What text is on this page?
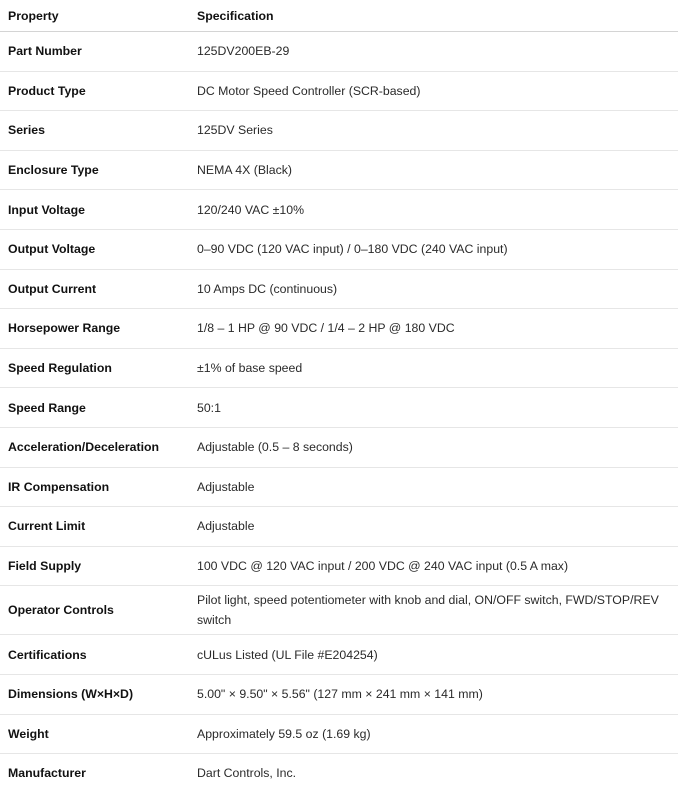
Property	Specification
Part Number	125DV200EB-29
Product Type	DC Motor Speed Controller (SCR-based)
Series	125DV Series
Enclosure Type	NEMA 4X (Black)
Input Voltage	120/240 VAC ±10%
Output Voltage	0–90 VDC (120 VAC input) / 0–180 VDC (240 VAC input)
Output Current	10 Amps DC (continuous)
Horsepower Range	1/8 – 1 HP @ 90 VDC / 1/4 – 2 HP @ 180 VDC
Speed Regulation	±1% of base speed
Speed Range	50:1
Acceleration/Deceleration	Adjustable (0.5 – 8 seconds)
IR Compensation	Adjustable
Current Limit	Adjustable
Field Supply	100 VDC @ 120 VAC input / 200 VDC @ 240 VAC input (0.5 A max)
Operator Controls	Pilot light, speed potentiometer with knob and dial, ON/OFF switch, FWD/STOP/REV switch
Certifications	cULus Listed (UL File #E204254)
Dimensions (W×H×D)	5.00" × 9.50" × 5.56" (127 mm × 241 mm × 141 mm)
Weight	Approximately 59.5 oz (1.69 kg)
Manufacturer	Dart Controls, Inc.
